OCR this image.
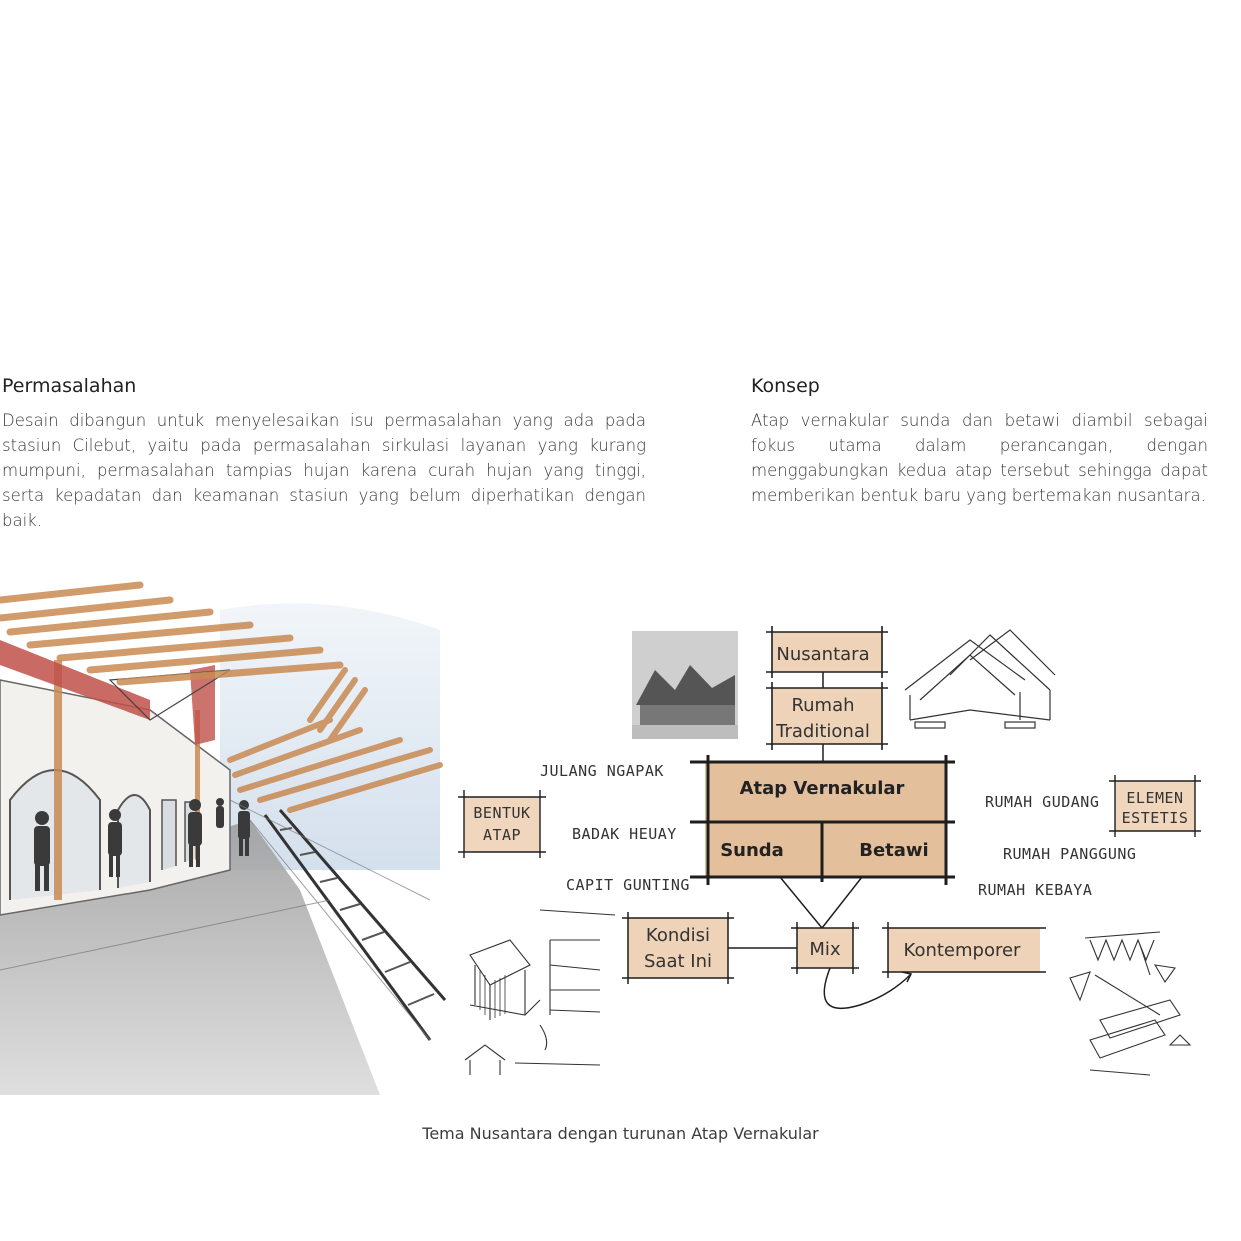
Permasalahan
Desain dibangun untuk menyelesaikan isu permasalahan yang ada pada stasiun Cilebut, yaitu pada permasalahan sirkulasi layanan yang kurang mumpuni, permasalahan tampias hujan karena curah hujan yang tinggi, serta kepadatan dan keamanan stasiun yang belum diperhatikan dengan baik.
Konsep
Atap vernakular sunda dan betawi diambil sebagai fokus utama dalam perancangan, dengan menggabungkan kedua atap tersebut sehingga dapat memberikan bentuk baru yang bertemakan nusantara.
Nusantara
Rumah
Traditional
Atap Vernakular
Sunda	Betawi
JULANG NGAPAK
BADAK HEUAY
CAPIT GUNTING
BENTUK
ATAP
RUMAH GUDANG
RUMAH PANGGUNG
RUMAH KEBAYA
ELEMEN
ESTETIS
Kondisi
Saat Ini
Mix	Kontemporer
Tema Nusantara dengan turunan Atap Vernakular
